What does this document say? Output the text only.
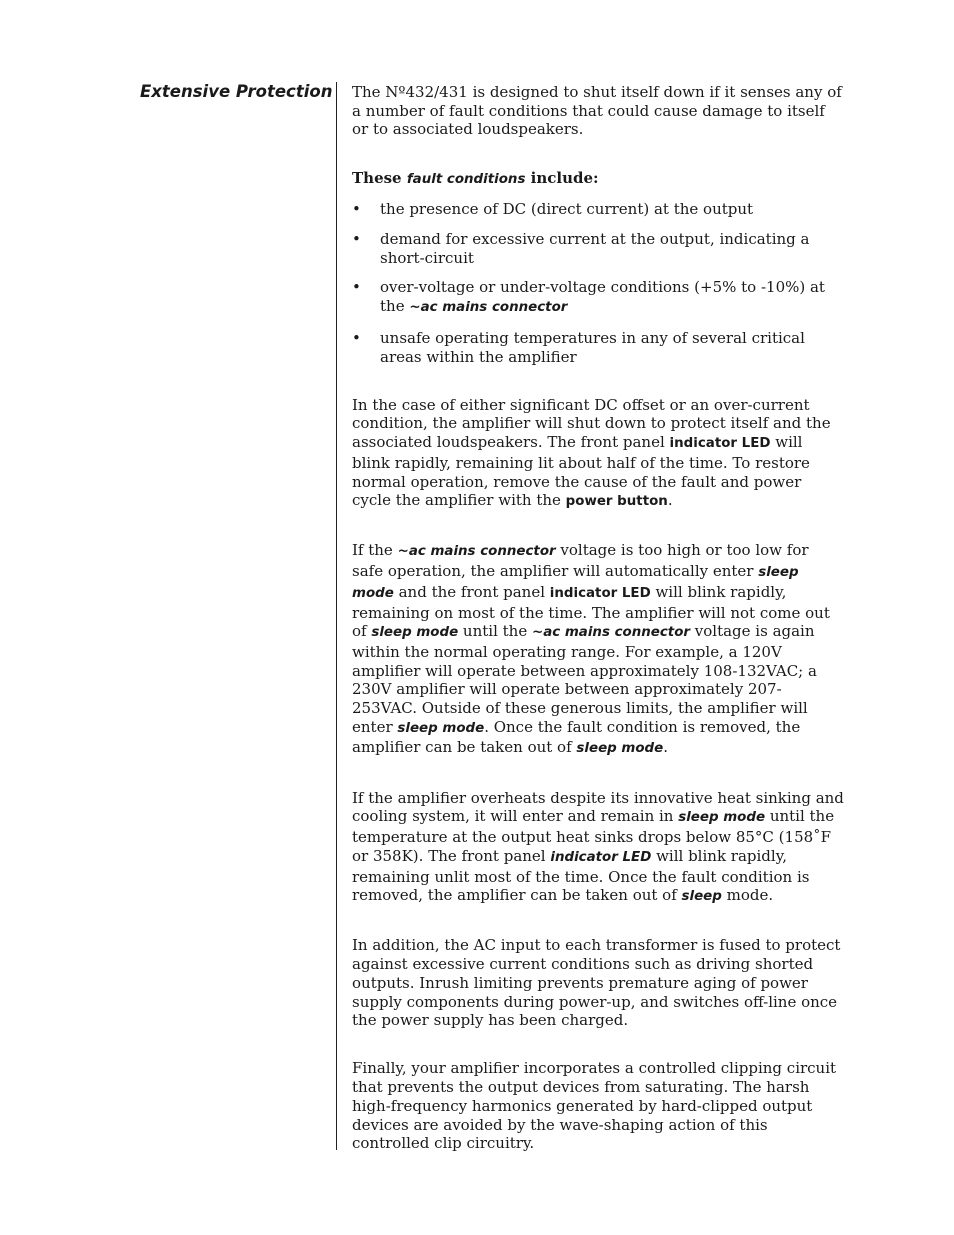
Extensive Protection The Nº432/431 is designed to shut itself down if it senses any of a number of fault conditions that could cause damage to itself or to associated loudspeakers.

These fault conditions include:

• the presence of DC (direct current) at the output
• demand for excessive current at the output, indicating a short-circuit
• over-voltage or under-voltage conditions (+5% to -10%) at the ~ac mains connector
• unsafe operating temperatures in any of several critical areas within the amplifier

In the case of either significant DC offset or an over-current condition, the amplifier will shut down to protect itself and the associated loudspeakers. The front panel indicator LED will blink rapidly, remaining lit about half of the time. To restore normal operation, remove the cause of the fault and power cycle the amplifier with the power button.

If the ~ac mains connector voltage is too high or too low for safe operation, the amplifier will automatically enter sleep mode and the front panel indicator LED will blink rapidly, remaining on most of the time. The amplifier will not come out of sleep mode until the ~ac mains connector voltage is again within the normal operating range. For example, a 120V amplifier will operate between approximately 108-132VAC; a 230V amplifier will operate between approximately 207-253VAC. Outside of these generous limits, the amplifier will enter sleep mode. Once the fault condition is removed, the amplifier can be taken out of sleep mode.

If the amplifier overheats despite its innovative heat sinking and cooling system, it will enter and remain in sleep mode until the temperature at the output heat sinks drops below 85°C (158˚F or 358K). The front panel indicator LED will blink rapidly, remaining unlit most of the time. Once the fault condition is removed, the amplifier can be taken out of sleep mode.

In addition, the AC input to each transformer is fused to protect against excessive current conditions such as driving shorted outputs. Inrush limiting prevents premature aging of power supply components during power-up, and switches off-line once the power supply has been charged.

Finally, your amplifier incorporates a controlled clipping circuit that prevents the output devices from saturating. The harsh high-frequency harmonics generated by hard-clipped output devices are avoided by the wave-shaping action of this controlled clip circuitry.
